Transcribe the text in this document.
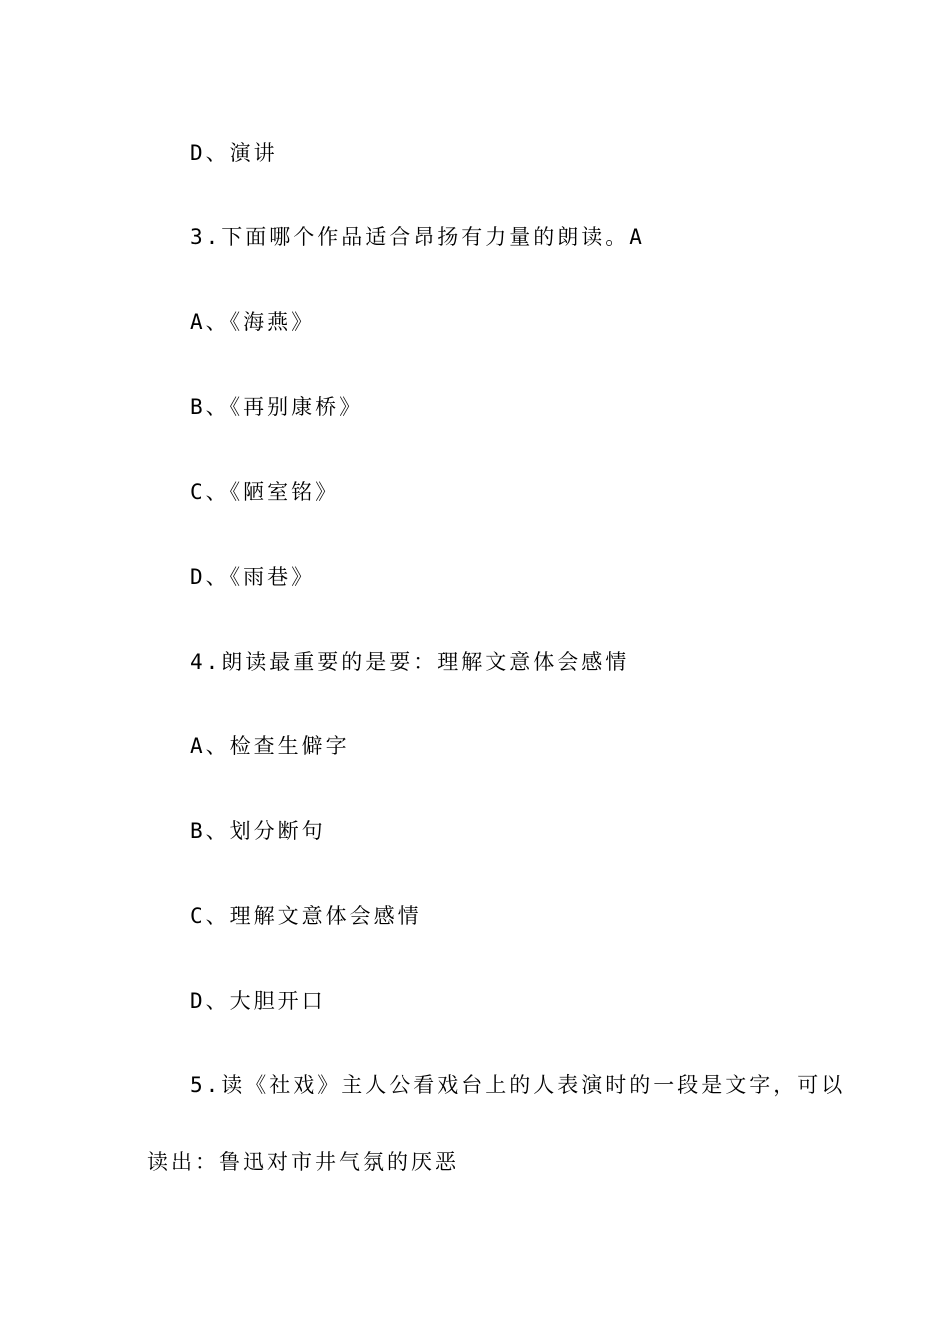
D、演讲
3.下面哪个作品适合昂扬有力量的朗读。A
A、《海燕》
B、《再别康桥》
C、《陋室铭》
D、《雨巷》
4.朗读最重要的是要：理解文意体会感情
A、检查生僻字
B、划分断句
C、理解文意体会感情
D、大胆开口
5.读《社戏》主人公看戏台上的人表演时的一段是文字，可以
读出：鲁迅对市井气氛的厌恶
